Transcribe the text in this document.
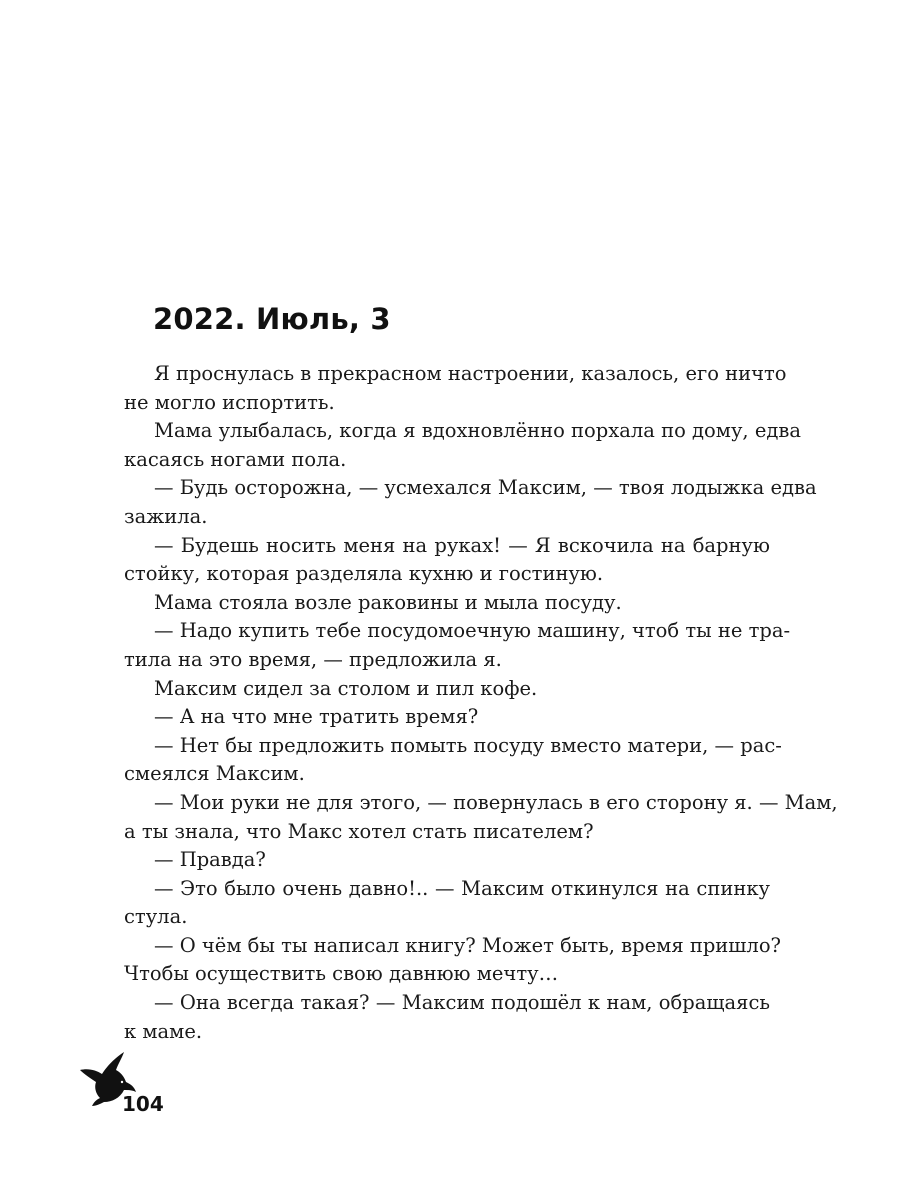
2022. Июль, 3
Я проснулась в прекрасном настроении, казалось, его ничто
не могло испортить.
Мама улыбалась, когда я вдохновлённо порхала по дому, едва
касаясь ногами пола.
— Будь осторожна, — усмехался Максим, — твоя лодыжка едва
зажила.
— Будешь носить меня на руках! — Я вскочила на барную
стойку, которая разделяла кухню и гостиную.
Мама стояла возле раковины и мыла посуду.
— Надо купить тебе посудомоечную машину, чтоб ты не тра-
тила на это время, — предложила я.
Максим сидел за столом и пил кофе.
— А на что мне тратить время?
— Нет бы предложить помыть посуду вместо матери, — рас-
смеялся Максим.
— Мои руки не для этого, — повернулась в его сторону я. — Мам,
а ты знала, что Макс хотел стать писателем?
— Правда?
— Это было очень давно!.. — Максим откинулся на спинку
стула.
— О чём бы ты написал книгу? Может быть, время пришло?
Чтобы осуществить свою давнюю мечту…
— Она всегда такая? — Максим подошёл к нам, обращаясь
к маме.
104
